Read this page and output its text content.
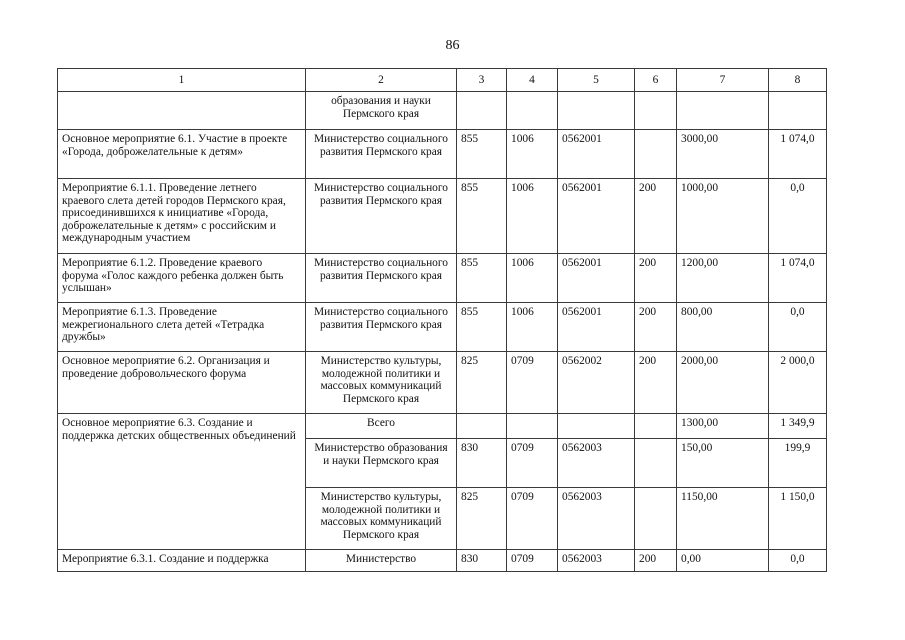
86
1	2	3	4	5	6	7	8
	образования и науки Пермского края						
Основное мероприятие 6.1. Участие в проекте «Города, доброжелательные к детям»	Министерство социального развития Пермского края	855	1006	0562001		3000,00	1 074,0
Мероприятие 6.1.1. Проведение летнего краевого слета детей городов Пермского края, присоединившихся к инициативе «Города, доброжелательные к детям» с российским и международным участием	Министерство социального развития Пермского края	855	1006	0562001	200	1000,00	0,0
Мероприятие 6.1.2. Проведение краевого форума «Голос каждого ребенка должен быть услышан»	Министерство социального развития Пермского края	855	1006	0562001	200	1200,00	1 074,0
Мероприятие 6.1.3. Проведение межрегионального слета детей «Тетрадка дружбы»	Министерство социального развития Пермского края	855	1006	0562001	200	800,00	0,0
Основное мероприятие 6.2. Организация и проведение добровольческого форума	Министерство культуры, молодежной политики и массовых коммуникаций Пермского края	825	0709	0562002	200	2000,00	2 000,0
Основное мероприятие 6.3. Создание и поддержка детских общественных объединений	Всего					1300,00	1 349,9
	Министерство образования и науки Пермского края	830	0709	0562003		150,00	199,9
	Министерство культуры, молодежной политики и массовых коммуникаций Пермского края	825	0709	0562003		1150,00	1 150,0
Мероприятие 6.3.1. Создание и поддержка	Министерство	830	0709	0562003	200	0,00	0,0
